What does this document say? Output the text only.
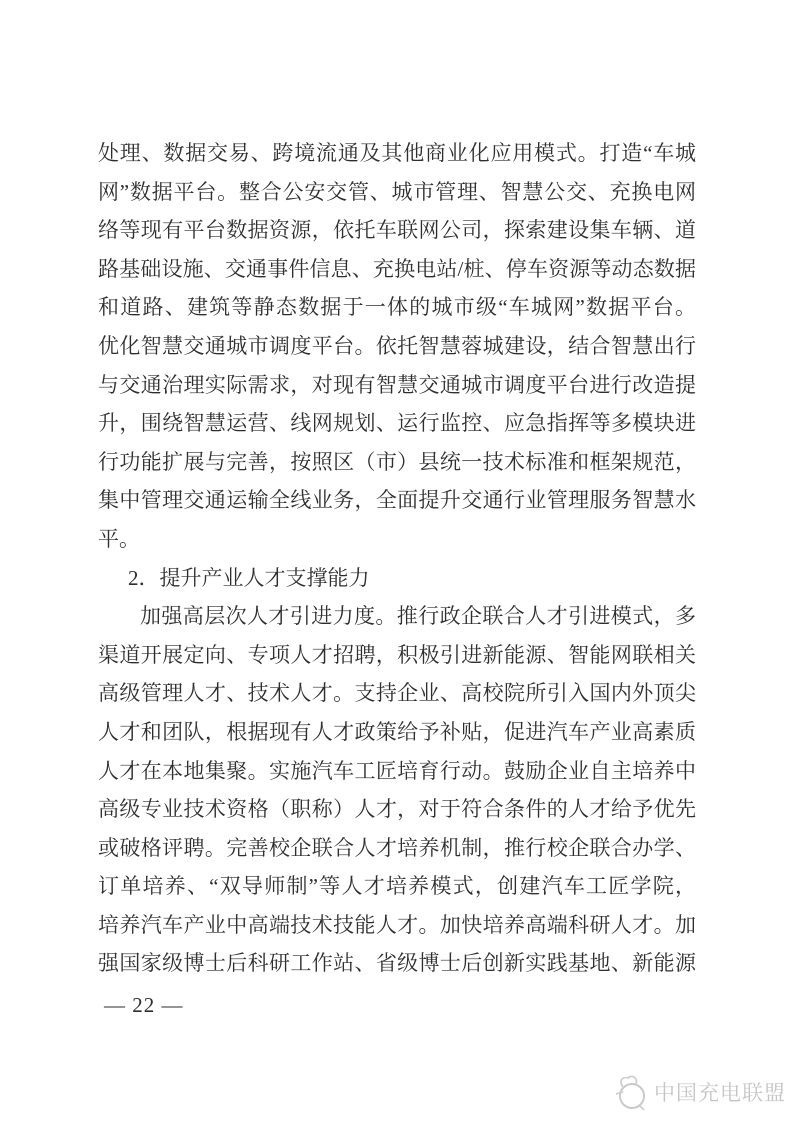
处理、数据交易、跨境流通及其他商业化应用模式。打造“车城
网”数据平台。整合公安交管、城市管理、智慧公交、充换电网
络等现有平台数据资源，依托车联网公司，探索建设集车辆、道
路基础设施、交通事件信息、充换电站/桩、停车资源等动态数据
和道路、建筑等静态数据于一体的城市级“车城网”数据平台。
优化智慧交通城市调度平台。依托智慧蓉城建设，结合智慧出行
与交通治理实际需求，对现有智慧交通城市调度平台进行改造提
升，围绕智慧运营、线网规划、运行监控、应急指挥等多模块进
行功能扩展与完善，按照区（市）县统一技术标准和框架规范，
集中管理交通运输全线业务，全面提升交通行业管理服务智慧水
平。
2．提升产业人才支撑能力
加强高层次人才引进力度。推行政企联合人才引进模式，多
渠道开展定向、专项人才招聘，积极引进新能源、智能网联相关
高级管理人才、技术人才。支持企业、高校院所引入国内外顶尖
人才和团队，根据现有人才政策给予补贴，促进汽车产业高素质
人才在本地集聚。实施汽车工匠培育行动。鼓励企业自主培养中
高级专业技术资格（职称）人才，对于符合条件的人才给予优先
或破格评聘。完善校企联合人才培养机制，推行校企联合办学、
订单培养、“双导师制”等人才培养模式，创建汽车工匠学院，
培养汽车产业中高端技术技能人才。加快培养高端科研人才。加
强国家级博士后科研工作站、省级博士后创新实践基地、新能源
— 22 —
中国充电联盟
